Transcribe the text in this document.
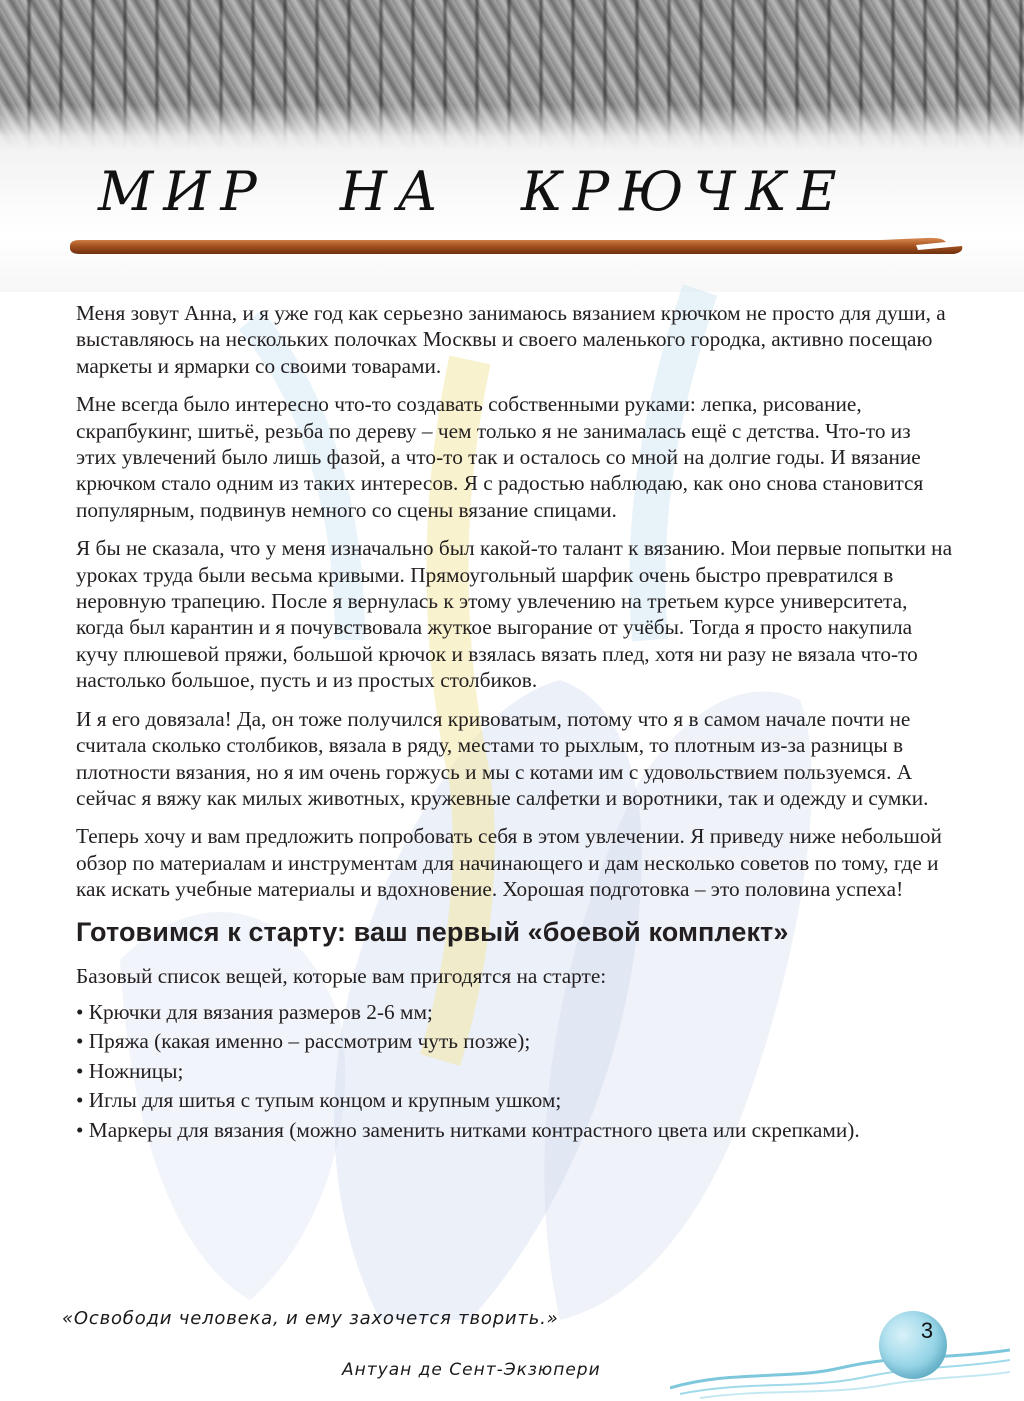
МИР НА КРЮЧКЕ

Меня зовут Анна, и я уже год как серьезно занимаюсь вязанием крючком не просто для души, а выставляюсь на нескольких полочках Москвы и своего маленького городка, активно посещаю маркеты и ярмарки со своими товарами.

Мне всегда было интересно что-то создавать собственными руками: лепка, рисование, скрапбукинг, шитьё, резьба по дереву – чем только я не занималась ещё с детства. Что-то из этих увлечений было лишь фазой, а что-то так и осталось со мной на долгие годы. И вязание крючком стало одним из таких интересов. Я с радостью наблюдаю, как оно снова становится популярным, подвинув немного со сцены вязание спицами.

Я бы не сказала, что у меня изначально был какой-то талант к вязанию. Мои первые попытки на уроках труда были весьма кривыми. Прямоугольный шарфик очень быстро превратился в неровную трапецию. После я вернулась к этому увлечению на третьем курсе университета, когда был карантин и я почувствовала жуткое выгорание от учёбы. Тогда я просто накупила кучу плюшевой пряжи, большой крючок и взялась вязать плед, хотя ни разу не вязала что-то настолько большое, пусть и из простых столбиков.

И я его довязала! Да, он тоже получился кривоватым, потому что я в самом начале почти не считала сколько столбиков, вязала в ряду, местами то рыхлым, то плотным из-за разницы в плотности вязания, но я им очень горжусь и мы с котами им с удовольствием пользуемся. А сейчас я вяжу как милых животных, кружевные салфетки и воротники, так и одежду и сумки.

Теперь хочу и вам предложить попробовать себя в этом увлечении. Я приведу ниже небольшой обзор по материалам и инструментам для начинающего и дам несколько советов по тому, где и как искать учебные материалы и вдохновение. Хорошая подготовка – это половина успеха!

Готовимся к старту: ваш первый «боевой комплект»

Базовый список вещей, которые вам пригодятся на старте:

• Крючки для вязания размеров 2-6 мм;
• Пряжа (какая именно – рассмотрим чуть позже);
• Ножницы;
• Иглы для шитья с тупым концом и крупным ушком;
• Маркеры для вязания (можно заменить нитками контрастного цвета или скрепками).

«Освободи человека, и ему захочется творить.»

Антуан де Сент-Экзюпери

3
